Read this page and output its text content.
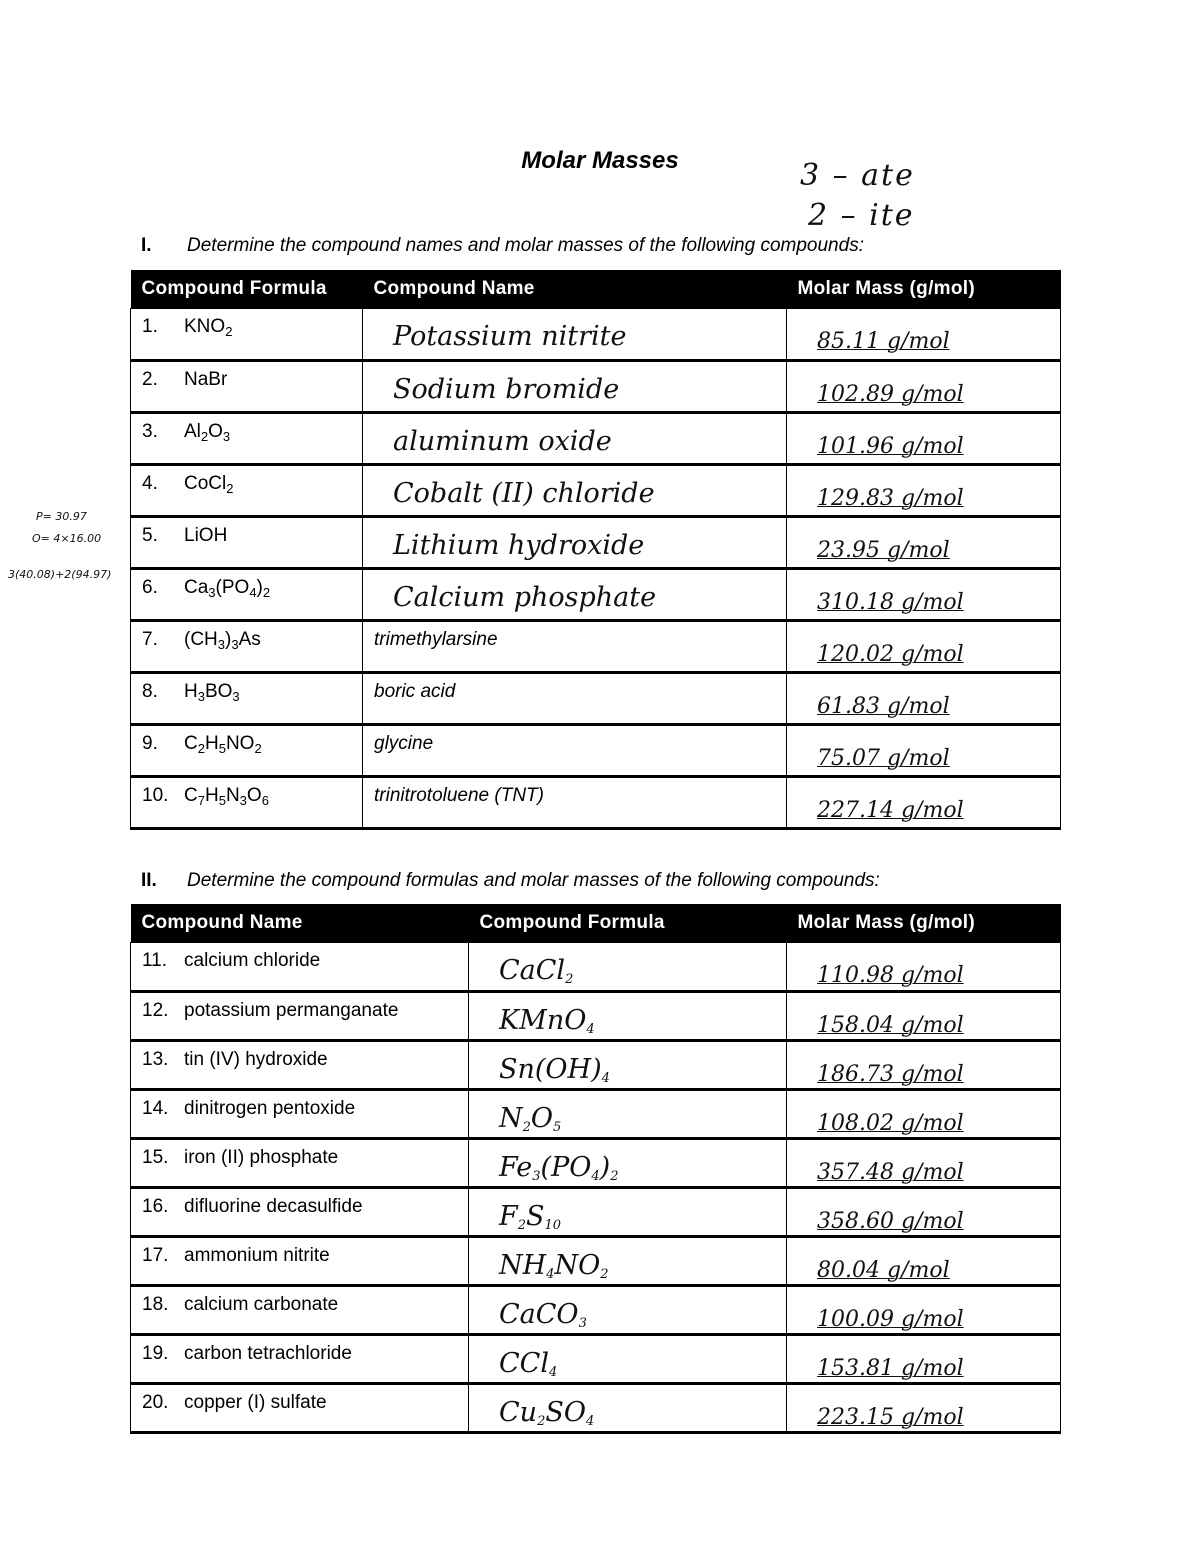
Molar Masses	3 – ate
2 – ite
P= 30.97
O= 4×16.00
3(40.08)+2(94.97)
I. Determine the compound names and molar masses of the following compounds:
Compound Formula	Compound Name	Molar Mass (g/mol)
1. $KNO_2$	Potassium nitrite	85.11 g/mol
2. NaBr	Sodium bromide	102.89 g/mol
3. $Al_2O_3$	aluminum oxide	101.96 g/mol
4. CoCl$_2$	Cobalt (II) chloride	129.83 g/mol
5. LiOH	Lithium hydroxide	23.95 g/mol
6. $Ca_3(PO_4)_2$	Calcium phosphate	310.18 g/mol
7. $(CH_3)_3As$	trimethylarsine	120.02 g/mol
8. $H_3BO_3$	boric acid	61.83 g/mol
9. $C_2H_5NO_2$	glycine	75.07 g/mol
10. $C_7H_5N_3O_6$	trinitrotoluene (TNT)	227.14 g/mol
II. Determine the compound formulas and molar masses of the following compounds:
Compound Name	Compound Formula	Molar Mass (g/mol)
11. calcium chloride	CaCl$_2$	110.98 g/mol
12. potassium permanganate	KMnO$_4$	158.04 g/mol
13. tin (IV) hydroxide	$Sn(OH)_4$	186.73 g/mol
14. dinitrogen pentoxide	$N_2O_5$	108.02 g/mol
15. iron (II) phosphate	$Fe_3(PO_4)_2$	357.48 g/mol
16. difluorine decasulfide	$F_2S_{10}$	358.60 g/mol
17. ammonium nitrite	$NH_4NO_2$	80.04 g/mol
18. calcium carbonate	CaCO$_3$	100.09 g/mol
19. carbon tetrachloride	CCl$_4$	153.81 g/mol
20. copper (I) sulfate	$Cu_2SO_4$	223.15 g/mol
